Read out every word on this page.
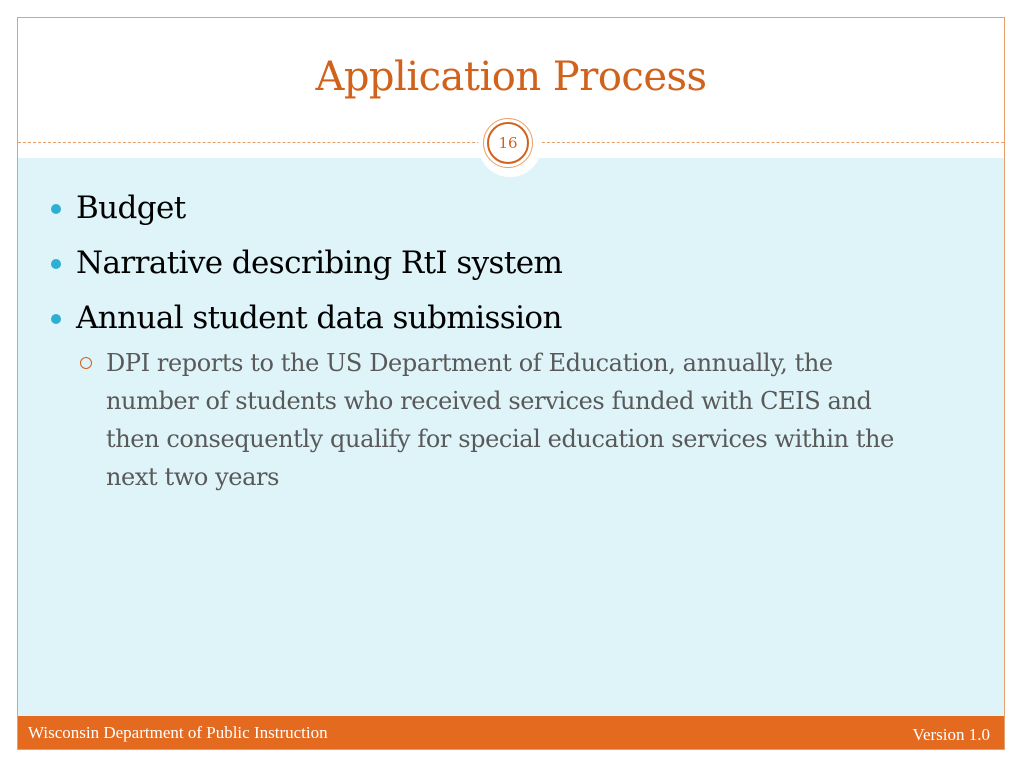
Application Process
16
Budget
Narrative describing RtI system
Annual student data submission
DPI reports to the US Department of Education, annually, the number of students who received services funded with CEIS and then consequently qualify for special education services within the next two years
Wisconsin Department of Public Instruction	Version 1.0
